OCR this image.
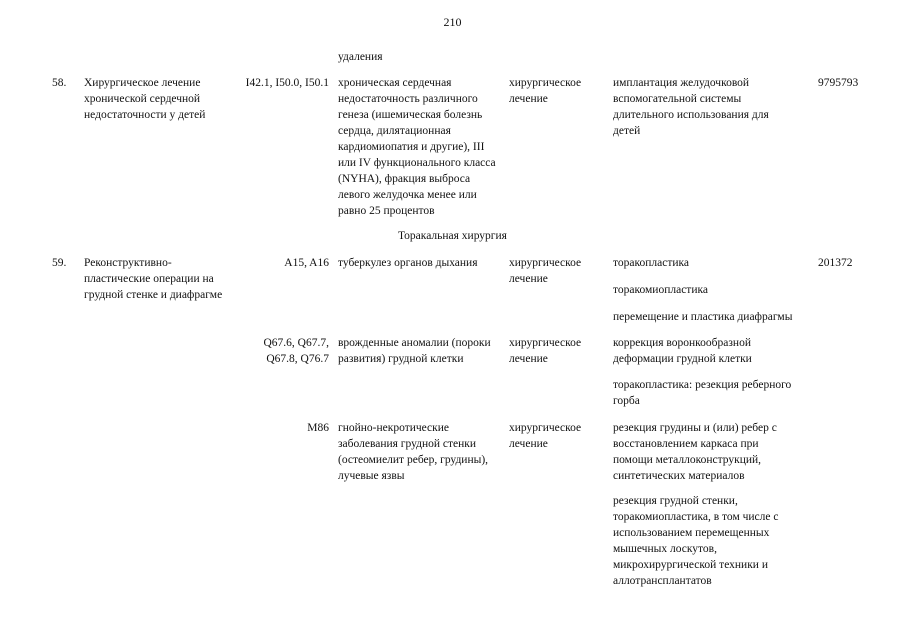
210
удаления
58. Хирургическое лечение
хронической сердечной
недостаточности у детей
I42.1, I50.0, I50.1 хроническая сердечная
недостаточность различного
генеза (ишемическая болезнь
сердца, дилятационная
кардиомиопатия и другие), III
или IV функционального класса
(NYHA), фракция выброса
левого желудочка менее или
равно 25 процентов
хирургическое
лечение
имплантация желудочковой
вспомогательной системы
длительного использования для
детей
9795793
Торакальная хирургия
59. Реконструктивно-
пластические операции на
грудной стенке и диафрагме
201372
A15, A16 туберкулез органов дыхания	хирургическое
лечение
торакопластика
торакомиопластика
перемещение и пластика диафрагмы
Q67.6, Q67.7,
Q67.8, Q76.7
врожденные аномалии (пороки
развития) грудной клетки
хирургическое
лечение
коррекция воронкообразной
деформации грудной клетки
торакопластика: резекция реберного
горба
M86 гнойно-некротические
заболевания грудной стенки
(остеомиелит ребер, грудины),
лучевые язвы
хирургическое
лечение
резекция грудины и (или) ребер с
восстановлением каркаса при
помощи металлоконструкций,
синтетических материалов
резекция грудной стенки,
торакомиопластика, в том числе с
использованием перемещенных
мышечных лоскутов,
микрохирургической техники и
аллотрансплантатов
